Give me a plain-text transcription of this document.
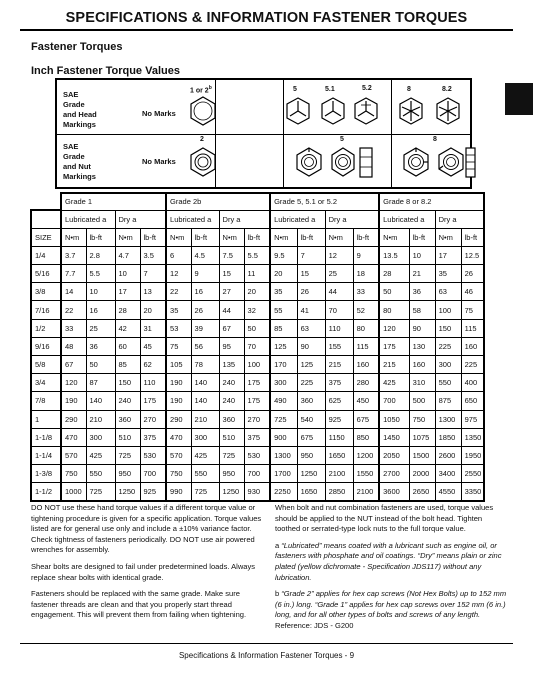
SPECIFICATIONS & INFORMATION FASTENER TORQUES
Fastener Torques
Inch Fastener Torque Values
SAE
Grade
and Head
Markings
No Marks
1 or 2$^b$	5	5.1	5.2	8	8.2
SAE
Grade
and Nut
Markings
No Marks
2	5	8
	Grade 1				Grade 2b				Grade 5, 5.1 or 5.2				Grade 8 or 8.2			
	Lubricated a		Dry a		Lubricated a		Dry a		Lubricated a		Dry a		Lubricated a		Dry a	
SIZE	N•m	lb-ft	N•m	lb-ft	N•m	lb-ft	N•m	lb-ft	N•m	lb-ft	N•m	lb-ft	N•m	lb-ft	N•m	lb-ft
1/4	3.7	2.8	4.7	3.5	6	4.5	7.5	5.5	9.5	7	12	9	13.5	10	17	12.5
5/16	7.7	5.5	10	7	12	9	15	11	20	15	25	18	28	21	35	26
3/8	14	10	17	13	22	16	27	20	35	26	44	33	50	36	63	46
7/16	22	16	28	20	35	26	44	32	55	41	70	52	80	58	100	75
1/2	33	25	42	31	53	39	67	50	85	63	110	80	120	90	150	115
9/16	48	36	60	45	75	56	95	70	125	90	155	115	175	130	225	160
5/8	67	50	85	62	105	78	135	100	170	125	215	160	215	160	300	225
3/4	120	87	150	110	190	140	240	175	300	225	375	280	425	310	550	400
7/8	190	140	240	175	190	140	240	175	490	360	625	450	700	500	875	650
1	290	210	360	270	290	210	360	270	725	540	925	675	1050	750	1300	975
1-1/8	470	300	510	375	470	300	510	375	900	675	1150	850	1450	1075	1850	1350
1-1/4	570	425	725	530	570	425	725	530	1300	950	1650	1200	2050	1500	2600	1950
1-3/8	750	550	950	700	750	550	950	700	1700	1250	2100	1550	2700	2000	3400	2550
1-1/2	1000	725	1250	925	990	725	1250	930	2250	1650	2850	2100	3600	2650	4550	3350

DO NOT use these hand torque values if a different torque value or tightening procedure is given for a specific application. Torque values listed are for general use only and include a ±10% variance factor. Check tightness of fasteners periodically. DO NOT use air powered wrenches for assembly.

Shear bolts are designed to fail under predetermined loads. Always replace shear bolts with identical grade.

Fasteners should be replaced with the same grade. Make sure fastener threads are clean and that you properly start thread engagement. This will prevent them from failing when tightening.

When bolt and nut combination fasteners are used, torque values should be applied to the NUT instead of the bolt head. Tighten toothed or serrated-type lock nuts to the full torque value.

a “Lubricated” means coated with a lubricant such as engine oil, or fasteners with phosphate and oil coatings. “Dry” means plain or zinc plated (yellow dichromate - Specification JDS117) without any lubrication.

b “Grade 2” applies for hex cap screws (Not Hex Bolts) up to 152 mm (6 in.) long. “Grade 1” applies for hex cap screws over 152 mm (6 in.) long, and for all other types of bolts and screws of any length. Reference: JDS - G200

Specifications & Information Fastener Torques - 9
